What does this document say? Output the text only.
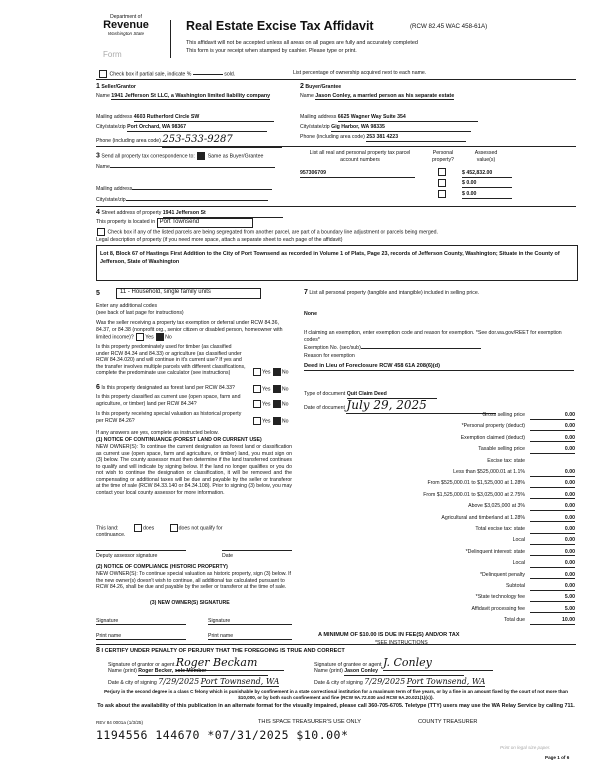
Department of
Revenue
Washington State
Form
Real Estate Excise Tax Affidavit	(RCW 82.45 WAC 458-61A)
This affidavit will not be accepted unless all areas on all pages are fully and accurately completed
This form is your receipt when stamped by cashier. Please type or print.
Check box if partial sale, indicate %	sold.	List percentage of ownership acquired next to each name.
1 Seller/Grantor
Name 1941 Jefferson St LLC, a Washington limited liability company
Mailing address 4603 Rutherford Circle SW
City/state/zip Port Orchard, WA 98367
Phone (including area code) 253-533-9287
2 Buyer/Grantee
Name Jason Conley, a married person as his separate estate
Mailing address 6625 Wagner Way Suite 354
City/state/zip Gig Harbor, WA 98335
Phone (including area code) 253 381 4223
3 Send all property tax correspondence to: Same as Buyer/Grantee
Name
Mailing address
City/state/zip
List all real and personal property tax parcel account numbers
Personal property?
Assessed value(s)
957306709	$ 452,832.00
$ 0.00
$ 0.00
4 Street address of property 1941 Jefferson St
This property is located in Port Townsend
Check box if any of the listed parcels are being segregated from another parcel, are part of a boundary line adjustment or parcels being merged.
Legal description of property (if you need more space, attach a separate sheet to each page of the affidavit)
Lot 8, Block 67 of Hastings First Addition to the City of Port Townsend as recorded in Volume 1 of Plats, Page 23, records of Jefferson County, Washington; Situate in the County of Jefferson, State of Washington
5	11 - Household, single family units
Enter any additional codes
(see back of last page for instructions)
Was the seller receiving a property tax exemption or deferral under RCW 84.36, 84.37, or 84.38 (nonprofit org., senior citizen or disabled person, homeowner with limited income)? Yes No
Is this property predominately used for timber (as classified under RCW 84.34 and 84.33) or agriculture (as classified under RCW 84.34.020) and will continue in it's current use? If yes and the transfer involves multiple parcels with different classifications, complete the predominate use calculator (see instructions)	Yes No
6 Is this property designated as forest land per RCW 84.33?	Yes No
Is this property classified as current use (open space, farm and agriculture, or timber) land per RCW 84.34?	Yes No
Is this property receiving special valuation as historical property per RCW 84.26?	Yes No
If any answers are yes, complete as instructed below.
(1) NOTICE OF CONTINUANCE (FOREST LAND OR CURRENT USE)
NEW OWNER(S): To continue the current designation as forest land or classification as current use (open space, farm and agriculture, or timber) land, you must sign on (3) below. The county assessor must then determine if the land transferred continues to qualify and will indicate by signing below. If the land no longer qualifies or you do not wish to continue the designation or classification, it will be removed and the compensating or additional taxes will be due and payable by the seller or transferor at the time of sale (RCW 84.33.140 or 84.34.108). Prior to signing (3) below, you may contact your local county assessor for more information.
This land:	does	does not qualify for
continuance.
Deputy assessor signature	Date
(2) NOTICE OF COMPLIANCE (HISTORIC PROPERTY)
NEW OWNER(S): To continue special valuation as historic property, sign (3) below. If the new owner(s) doesn't wish to continue, all additional tax calculated pursuant to RCW 84.26, shall be due and payable by the seller or transferor at the time of sale.
(3) NEW OWNER(S) SIGNATURE
Signature	Signature
Print name	Print name
7 List all personal property (tangible and intangible) included in selling price.
None
If claiming an exemption, enter exemption code and reason for exemption. *See dor.wa.gov/REET for exemption codes*
Exemption No. (sec/sub)
Reason for exemption
Deed in Lieu of Foreclosure RCW 458 61A 208(6)(d)
Type of document Quit Claim Deed
Date of document July 29, 2025
Gross selling price	0.00
*Personal property (deduct)	0.00
Exemption claimed (deduct)	0.00
Taxable selling price	0.00
Excise tax: state
Less than $525,000.01 at 1.1%	0.00
From $525,000.01 to $1,525,000 at 1.28%	0.00
From $1,525,000.01 to $3,025,000 at 2.75%	0.00
Above $3,025,000 at 3%	0.00
Agricultural and timberland at 1.28%	0.00
Total excise tax: state	0.00
Local	0.00
*Delinquent interest: state	0.00
Local	0.00
*Delinquent penalty	0.00
Subtotal	0.00
*State technology fee	5.00
Affidavit processing fee	5.00
Total due	10.00
A MINIMUM OF $10.00 IS DUE IN FEE(S) AND/OR TAX
*SEE INSTRUCTIONS
8 I CERTIFY UNDER PENALTY OF PERJURY THAT THE FOREGOING IS TRUE AND CORRECT
Signature of grantor or agent Roger Beckam
Name (print) Roger Becker, sole Member
Date & city of signing 7/29/2025 Port Townsend, WA
Signature of grantee or agent J. Conley
Name (print) Jason Conley
Date & city of signing 7/29/2025 Port Townsend, WA
Perjury in the second degree is a class C felony which is punishable by confinement in a state correctional institution for a maximum term of five years, or by a fine in an amount fixed by the court of not more than $10,000, or by both such confinement and fine (RCW 9A.72.030 and RCW 9A.20.021(1)(c)).
To ask about the availability of this publication in an alternate format for the visually impaired, please call 360-705-6705. Teletype (TTY) users may use the WA Relay Service by calling 711.
REV 84 0001a (1/3/25)	THIS SPACE TREASURER'S USE ONLY	COUNTY TREASURER
1194556 144670 *07/31/2025 $10.00*
Print on legal size paper.
Page 1 of 6
